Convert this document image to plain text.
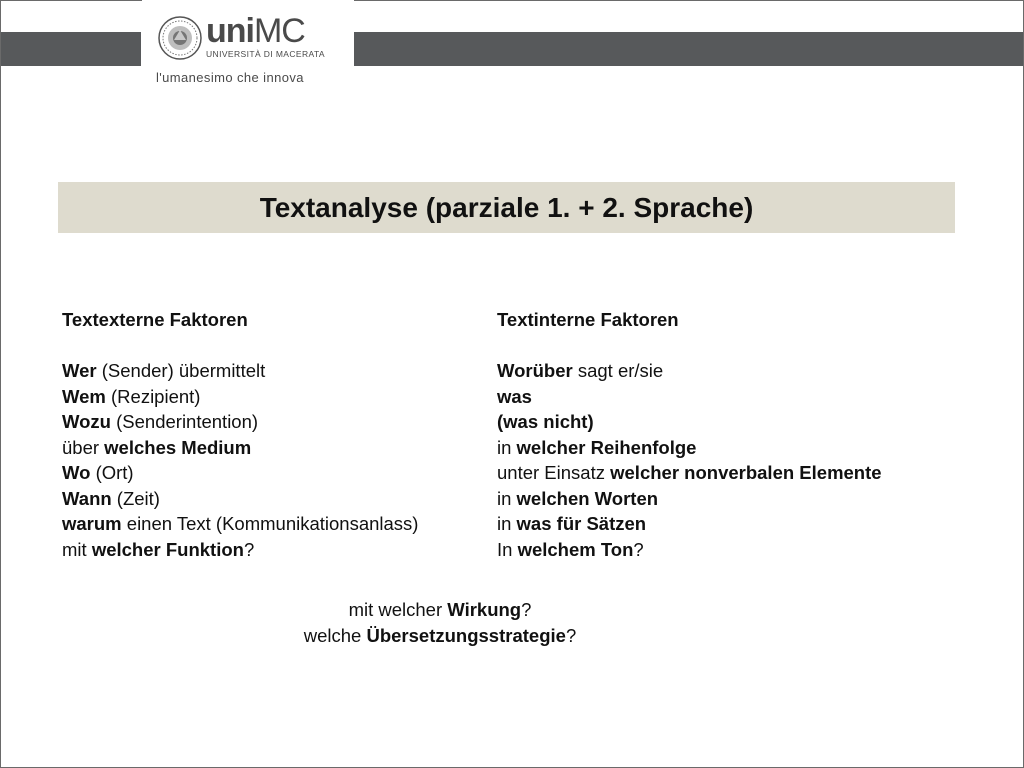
uniMC
UNIVERSITÀ DI MACERATA
l'umanesimo che innova
Textanalyse (parziale 1. + 2. Sprache)
Textexterne Faktoren
Wer (Sender) übermittelt
Wem (Rezipient)
Wozu (Senderintention)
über welches Medium
Wo (Ort)
Wann (Zeit)
warum einen Text (Kommunikationsanlass)
mit welcher Funktion?
Textinterne Faktoren
Worüber sagt er/sie
was
(was nicht)
in welcher Reihenfolge
unter Einsatz welcher nonverbalen Elemente
in welchen Worten
in was für Sätzen
In welchem Ton?
mit welcher Wirkung?
welche Übersetzungsstrategie?
